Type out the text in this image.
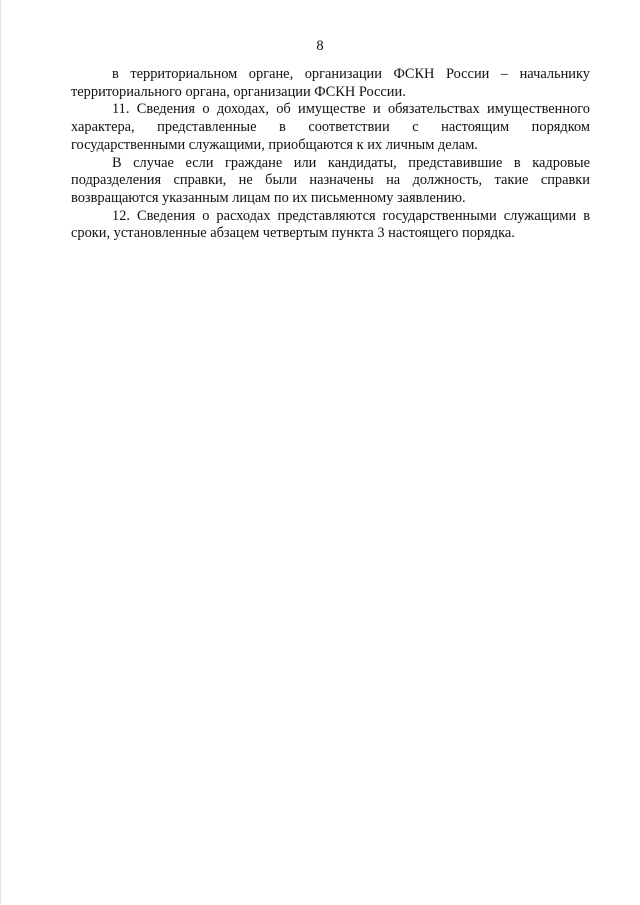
8

в территориальном органе, организации ФСКН России – начальнику территориального органа, организации ФСКН России.

11. Сведения о доходах, об имуществе и обязательствах имущественного характера, представленные в соответствии с настоящим порядком государственными служащими, приобщаются к их личным делам.

В случае если граждане или кандидаты, представившие в кадровые подразделения справки, не были назначены на должность, такие справки возвращаются указанным лицам по их письменному заявлению.

12. Сведения о расходах представляются государственными служащими в сроки, установленные абзацем четвертым пункта 3 настоящего порядка.
